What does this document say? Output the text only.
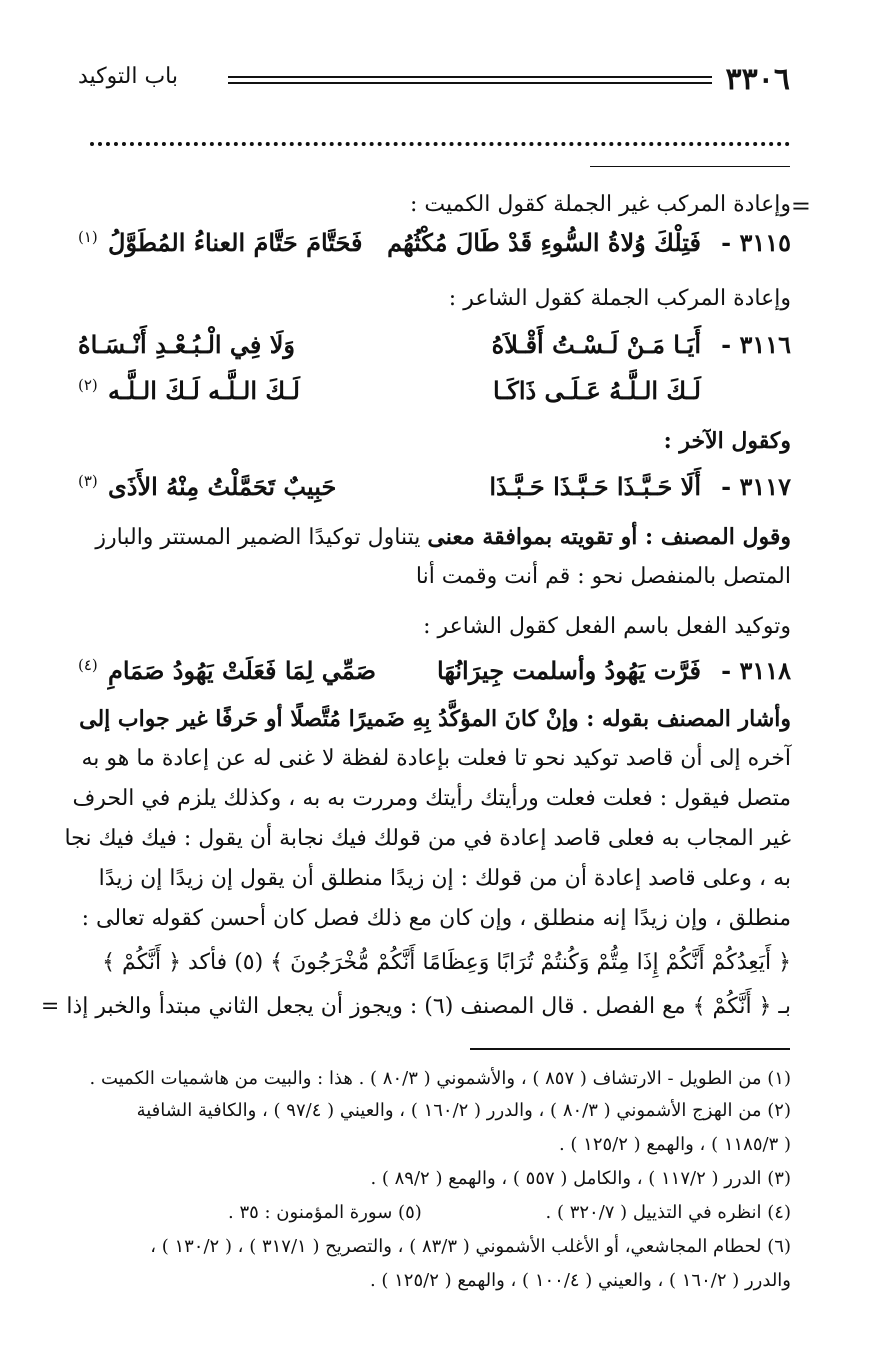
٣٣٠٦
باب التوكيد
=
وإعادة المركب غير الجملة كقول الكميت :
٣١١٥ -
فَتِلْكَ وُلاةُ السُّوءِ قَدْ طَالَ مُكْثُهُم
فَحَتَّامَ حَتَّامَ العناءُ المُطَوَّلُ
(١)
وإعادة المركب الجملة كقول الشاعر :
٣١١٦ -
أَيَـا مَـنْ لَـسْـتُ أَقْـلاَهُ
وَلَا فِي الْـبُـعْـدِ أَنْـسَـاهُ
لَـكَ الـلَّـهُ عَـلَـى ذَاكَـا
لَـكَ الـلَّـه لَـكَ الـلَّـه
(٢)
وكقول الآخر :
٣١١٧ -
أَلَا حَـبَّـذَا حَـبَّـذَا حَـبَّـذَا
حَبِيبٌ تَحَمَّلْتُ مِنْهُ الأَذَى
(٣)
وقول المصنف : أو تقويته بموافقة معنى يتناول توكيدًا الضمير المستتر والبارز
المتصل بالمنفصل نحو : قم أنت وقمت أنا
وتوكيد الفعل باسم الفعل كقول الشاعر :
٣١١٨ -
فَرَّت يَهُودُ وأسلمت جِيرَانُهَا
صَمِّي لِمَا فَعَلَتْ يَهُودُ صَمَامِ
(٤)
وأشار المصنف بقوله : وإنْ كانَ المؤكَّدُ بِهِ ضَميرًا مُتَّصلًا أو حَرفًا غير جواب إلى
آخره إلى أن قاصد توكيد نحو تا فعلت بإعادة لفظة لا غنى له عن إعادة ما هو به
متصل فيقول : فعلت فعلت ورأيتك رأيتك ومررت به به ، وكذلك يلزم في الحرف
غير المجاب به فعلى قاصد إعادة في من قولك فيك نجابة أن يقول : فيك فيك نجا
به ، وعلى قاصد إعادة أن من قولك : إن زيدًا منطلق أن يقول إن زيدًا إن زيدًا
منطلق ، وإن زيدًا إنه منطلق ، وإن كان مع ذلك فصل كان أحسن كقوله تعالى :
﴿ أَيَعِدُكُمْ أَنَّكُمْ إِذَا مِتُّمْ وَكُنتُمْ تُرَابًا وَعِظَامًا أَنَّكُمْ مُّخْرَجُونَ ﴾ (٥) فأكد ﴿ أَنَّكُمْ ﴾
بـ ﴿ أَنَّكُمْ ﴾ مع الفصل . قال المصنف (٦) : ويجوز أن يجعل الثاني مبتدأ والخبر إذا =
(١) من الطويل - الارتشاف ( ٨٥٧ ) ، والأشموني ( ٨٠/٣ ) . هذا : والبيت من هاشميات الكميت .
(٢) من الهزج الأشموني ( ٨٠/٣ ) ، والدرر ( ١٦٠/٢ ) ، والعيني ( ٩٧/٤ ) ، والكافية الشافية
( ١١٨٥/٣ ) ، والهمع ( ١٢٥/٢ ) .
(٣) الدرر ( ١١٧/٢ ) ، والكامل ( ٥٥٧ ) ، والهمع ( ٨٩/٢ ) .
(٤) انظره في التذييل ( ٣٢٠/٧ ) .
(٥) سورة المؤمنون : ٣٥ .
(٦) لحطام المجاشعي، أو الأغلب الأشموني ( ٨٣/٣ ) ، والتصريح ( ٣١٧/١ ) ، ( ١٣٠/٢ ) ،
والدرر ( ١٦٠/٢ ) ، والعيني ( ١٠٠/٤ ) ، والهمع ( ١٢٥/٢ ) .
